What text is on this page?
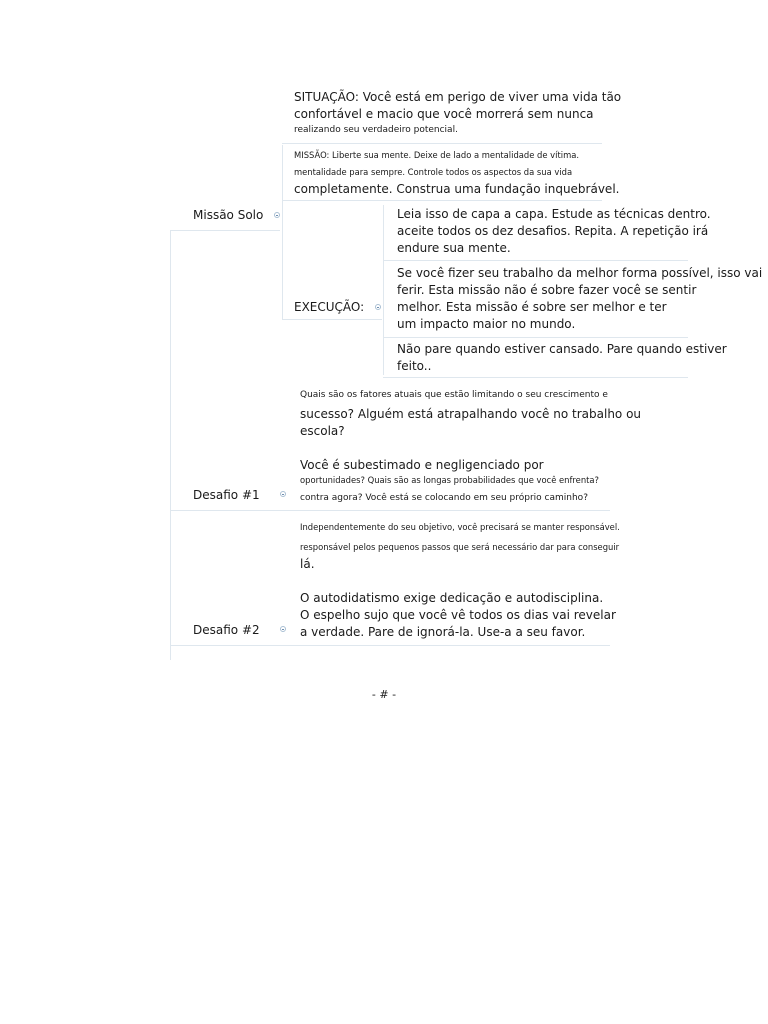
Missão Solo
SITUAÇÃO: Você está em perigo de viver uma vida tão
confortável e macio que você morrerá sem nunca
realizando seu verdadeiro potencial.
MISSÃO: Liberte sua mente. Deixe de lado a mentalidade de vítima.
mentalidade para sempre. Controle todos os aspectos da sua vida
completamente. Construa uma fundação inquebrável.
EXECUÇÃO:
Leia isso de capa a capa. Estude as técnicas dentro.
aceite todos os dez desafios. Repita. A repetição irá
endure sua mente.
Se você fizer seu trabalho da melhor forma possível, isso vai
ferir. Esta missão não é sobre fazer você se sentir
melhor. Esta missão é sobre ser melhor e ter
um impacto maior no mundo.
Não pare quando estiver cansado. Pare quando estiver
feito..
Desafio #1
Quais são os fatores atuais que estão limitando o seu crescimento e
sucesso? Alguém está atrapalhando você no trabalho ou
escola?
Você é subestimado e negligenciado por
oportunidades? Quais são as longas probabilidades que você enfrenta?
contra agora? Você está se colocando em seu próprio caminho?
Desafio #2
Independentemente do seu objetivo, você precisará se manter responsável.
responsável pelos pequenos passos que será necessário dar para conseguir
lá.
O autodidatismo exige dedicação e autodisciplina.
O espelho sujo que você vê todos os dias vai revelar
a verdade. Pare de ignorá-la. Use-a a seu favor.
- # -
